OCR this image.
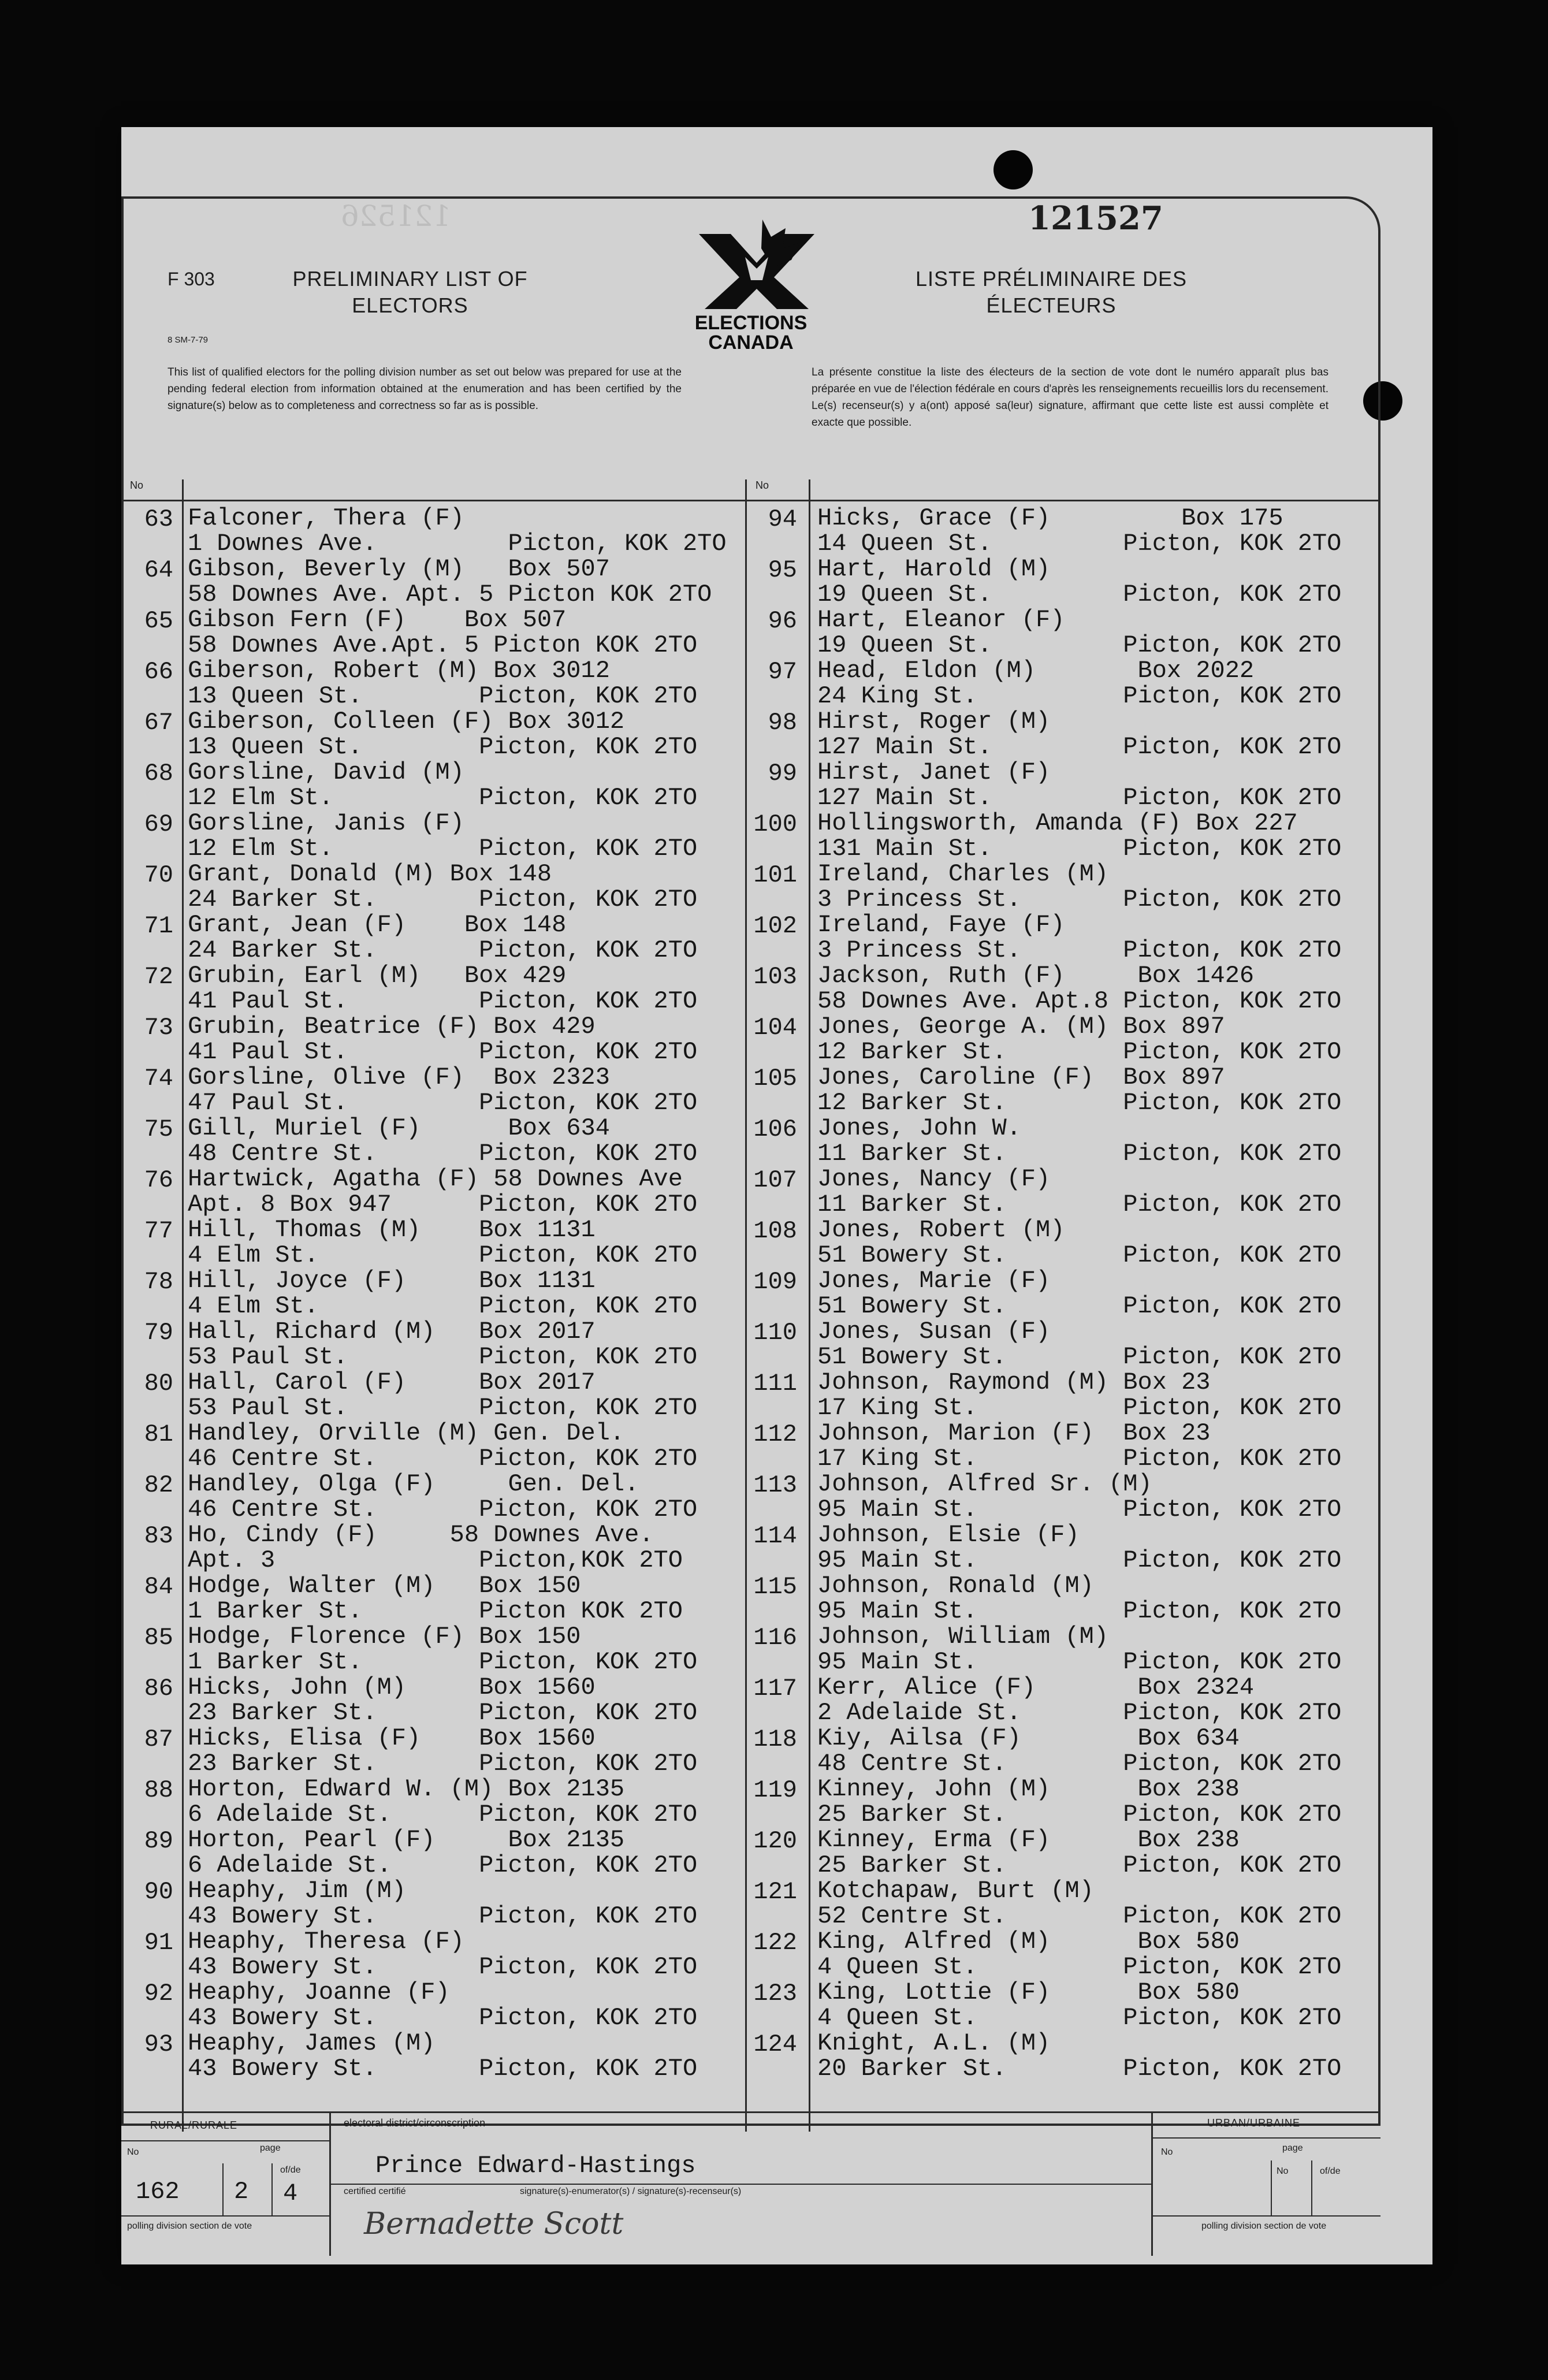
121526	121527
F 303
8 SM-7-79
PRELIMINARY LIST OF ELECTORS
ELECTIONS CANADA
LISTE PRÉLIMINAIRE DES ÉLECTEURS
This list of qualified electors for the polling division number as set out below was prepared for use at the pending federal election from information obtained at the enumeration and has been certified by the signature(s) below as to completeness and correctness so far as is possible.
La présente constitue la liste des électeurs de la section de vote dont le numéro apparaît plus bas préparée en vue de l'élection fédérale en cours d'après les renseignements recueillis lors du recensement. Le(s) recenseur(s) y a(ont) apposé sa(leur) signature, affirmant que cette liste est aussi complète et exacte que possible.
No	No
63 Falconer, Thera (F)
1 Downes Ave.         Picton, KOK 2TO
64 Gibson, Beverly (M)   Box 507
58 Downes Ave. Apt. 5 Picton KOK 2TO
65 Gibson Fern (F)    Box 507
58 Downes Ave.Apt. 5 Picton KOK 2TO
66 Giberson, Robert (M) Box 3012
13 Queen St.        Picton, KOK 2TO
67 Giberson, Colleen (F) Box 3012
13 Queen St.        Picton, KOK 2TO
68 Gorsline, David (M)
12 Elm St.          Picton, KOK 2TO
69 Gorsline, Janis (F)
12 Elm St.          Picton, KOK 2TO
70 Grant, Donald (M) Box 148
24 Barker St.       Picton, KOK 2TO
71 Grant, Jean (F)    Box 148
24 Barker St.       Picton, KOK 2TO
72 Grubin, Earl (M)   Box 429
41 Paul St.         Picton, KOK 2TO
73 Grubin, Beatrice (F) Box 429
41 Paul St.         Picton, KOK 2TO
74 Gorsline, Olive (F)  Box 2323
47 Paul St.         Picton, KOK 2TO
75 Gill, Muriel (F)      Box 634
48 Centre St.       Picton, KOK 2TO
76 Hartwick, Agatha (F) 58 Downes Ave
Apt. 8 Box 947      Picton, KOK 2TO
77 Hill, Thomas (M)    Box 1131
4 Elm St.           Picton, KOK 2TO
78 Hill, Joyce (F)     Box 1131
4 Elm St.           Picton, KOK 2TO
79 Hall, Richard (M)   Box 2017
53 Paul St.         Picton, KOK 2TO
80 Hall, Carol (F)     Box 2017
53 Paul St.         Picton, KOK 2TO
81 Handley, Orville (M) Gen. Del.
46 Centre St.       Picton, KOK 2TO
82 Handley, Olga (F)     Gen. Del.
46 Centre St.       Picton, KOK 2TO
83 Ho, Cindy (F)     58 Downes Ave.
Apt. 3              Picton,KOK 2TO
84 Hodge, Walter (M)   Box 150
1 Barker St.        Picton KOK 2TO
85 Hodge, Florence (F) Box 150
1 Barker St.        Picton, KOK 2TO
86 Hicks, John (M)     Box 1560
23 Barker St.       Picton, KOK 2TO
87 Hicks, Elisa (F)    Box 1560
23 Barker St.       Picton, KOK 2TO
88 Horton, Edward W. (M) Box 2135
6 Adelaide St.      Picton, KOK 2TO
89 Horton, Pearl (F)     Box 2135
6 Adelaide St.      Picton, KOK 2TO
90 Heaphy, Jim (M)
43 Bowery St.       Picton, KOK 2TO
91 Heaphy, Theresa (F)
43 Bowery St.       Picton, KOK 2TO
92 Heaphy, Joanne (F)
43 Bowery St.       Picton, KOK 2TO
93 Heaphy, James (M)
43 Bowery St.       Picton, KOK 2TO
94 Hicks, Grace (F)         Box 175
14 Queen St.         Picton, KOK 2TO
95 Hart, Harold (M)
19 Queen St.         Picton, KOK 2TO
96 Hart, Eleanor (F)
19 Queen St.         Picton, KOK 2TO
97 Head, Eldon (M)       Box 2022
24 King St.          Picton, KOK 2TO
98 Hirst, Roger (M)
127 Main St.         Picton, KOK 2TO
99 Hirst, Janet (F)
127 Main St.         Picton, KOK 2TO
100 Hollingsworth, Amanda (F) Box 227
131 Main St.         Picton, KOK 2TO
101 Ireland, Charles (M)
3 Princess St.       Picton, KOK 2TO
102 Ireland, Faye (F)
3 Princess St.       Picton, KOK 2TO
103 Jackson, Ruth (F)     Box 1426
58 Downes Ave. Apt.8 Picton, KOK 2TO
104 Jones, George A. (M) Box 897
12 Barker St.        Picton, KOK 2TO
105 Jones, Caroline (F)  Box 897
12 Barker St.        Picton, KOK 2TO
106 Jones, John W.
11 Barker St.        Picton, KOK 2TO
107 Jones, Nancy (F)
11 Barker St.        Picton, KOK 2TO
108 Jones, Robert (M)
51 Bowery St.        Picton, KOK 2TO
109 Jones, Marie (F)
51 Bowery St.        Picton, KOK 2TO
110 Jones, Susan (F)
51 Bowery St.        Picton, KOK 2TO
111 Johnson, Raymond (M) Box 23
17 King St.          Picton, KOK 2TO
112 Johnson, Marion (F)  Box 23
17 King St.          Picton, KOK 2TO
113 Johnson, Alfred Sr. (M)
95 Main St.          Picton, KOK 2TO
114 Johnson, Elsie (F)
95 Main St.          Picton, KOK 2TO
115 Johnson, Ronald (M)
95 Main St.          Picton, KOK 2TO
116 Johnson, William (M)
95 Main St.          Picton, KOK 2TO
117 Kerr, Alice (F)       Box 2324
2 Adelaide St.       Picton, KOK 2TO
118 Kiy, Ailsa (F)        Box 634
48 Centre St.        Picton, KOK 2TO
119 Kinney, John (M)      Box 238
25 Barker St.        Picton, KOK 2TO
120 Kinney, Erma (F)      Box 238
25 Barker St.        Picton, KOK 2TO
121 Kotchapaw, Burt (M)
52 Centre St.        Picton, KOK 2TO
122 King, Alfred (M)      Box 580
4 Queen St.          Picton, KOK 2TO
123 King, Lottie (F)      Box 580
4 Queen St.          Picton, KOK 2TO
124 Knight, A.L. (M)
20 Barker St.        Picton, KOK 2TO
RURAL/RURALE
No	page
162
of/de
2 4
polling division section de vote
electoral district/circonscription
Prince Edward-Hastings
certified certifié	signature(s)-enumerator(s) / signature(s)-recenseur(s)
Bernadette Scott
URBAN/URBAINE
No	page
No	of/de
polling division section de vote
